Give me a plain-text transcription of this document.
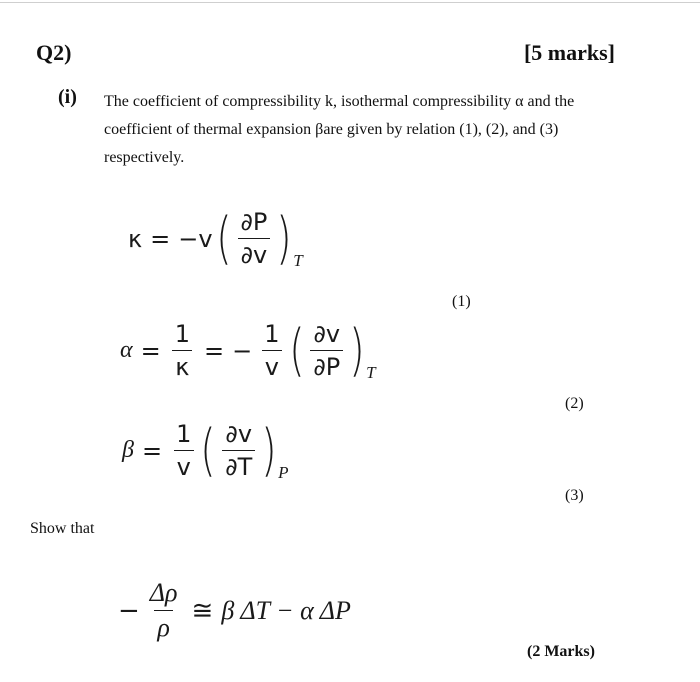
Q2)	[5 marks]
(i) The coefficient of compressibility k, isothermal compressibility α and the
coefficient of thermal expansion βare given by relation (1), (2), and (3)
respectively.
κ = −v ( $\frac{\partial P}{\partial v}$ ) T
(1)
$\alpha = \frac{1}{\kappa}$ = − $\frac{1}{v}$ ( $\frac{\partial v}{\partial P}$ ) T
(2)
$\beta = \frac{1}{v}$ ( $\frac{\partial v}{\partial T}$ ) P
(3)
Show that
− $\frac{\Delta\rho}{\rho}$ ≅ β ΔT − α ΔP
(2 Marks)
